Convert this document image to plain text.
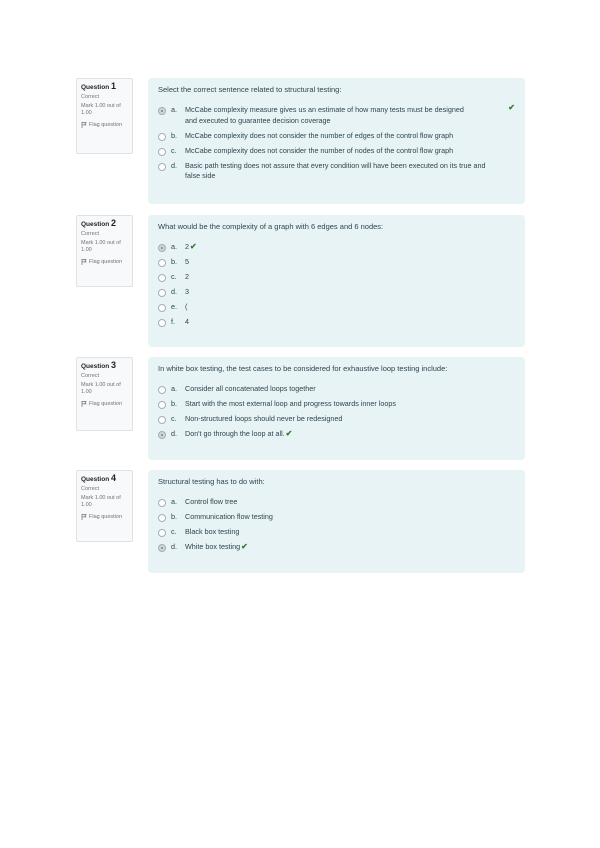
Question 1
Correct
Mark 1.00 out of 1.00
Flag question
Select the correct sentence related to structural testing:
a.	McCabe complexity measure gives us an estimate of how many tests must be designed and executed to guarantee decision coverage
✔
b.	McCabe complexity does not consider the number of edges of the control flow graph
c.	McCabe complexity does not consider the number of nodes of the control flow graph
d.	Basic path testing does not assure that every condition will have been executed on its true and false side
Question 2
Correct
Mark 1.00 out of 1.00
Flag question
What would be the complexity of a graph with 6 edges and 6 nodes:
a.	2 ✔
b.	5
c.	2
d.	3
e.	(
f.	4
Question 3
Correct
Mark 1.00 out of 1.00
Flag question
In white box testing, the test cases to be considered for exhaustive loop testing include:
a.	Consider all concatenated loops together
b.	Start with the most external loop and progress towards inner loops
c.	Non-structured loops should never be redesigned
d.	Don't go through the loop at all. ✔
Question 4
Correct
Mark 1.00 out of 1.00
Flag question
Structural testing has to do with:
a.	Control flow tree
b.	Communication flow testing
c.	Black box testing
d.	White box testing ✔
